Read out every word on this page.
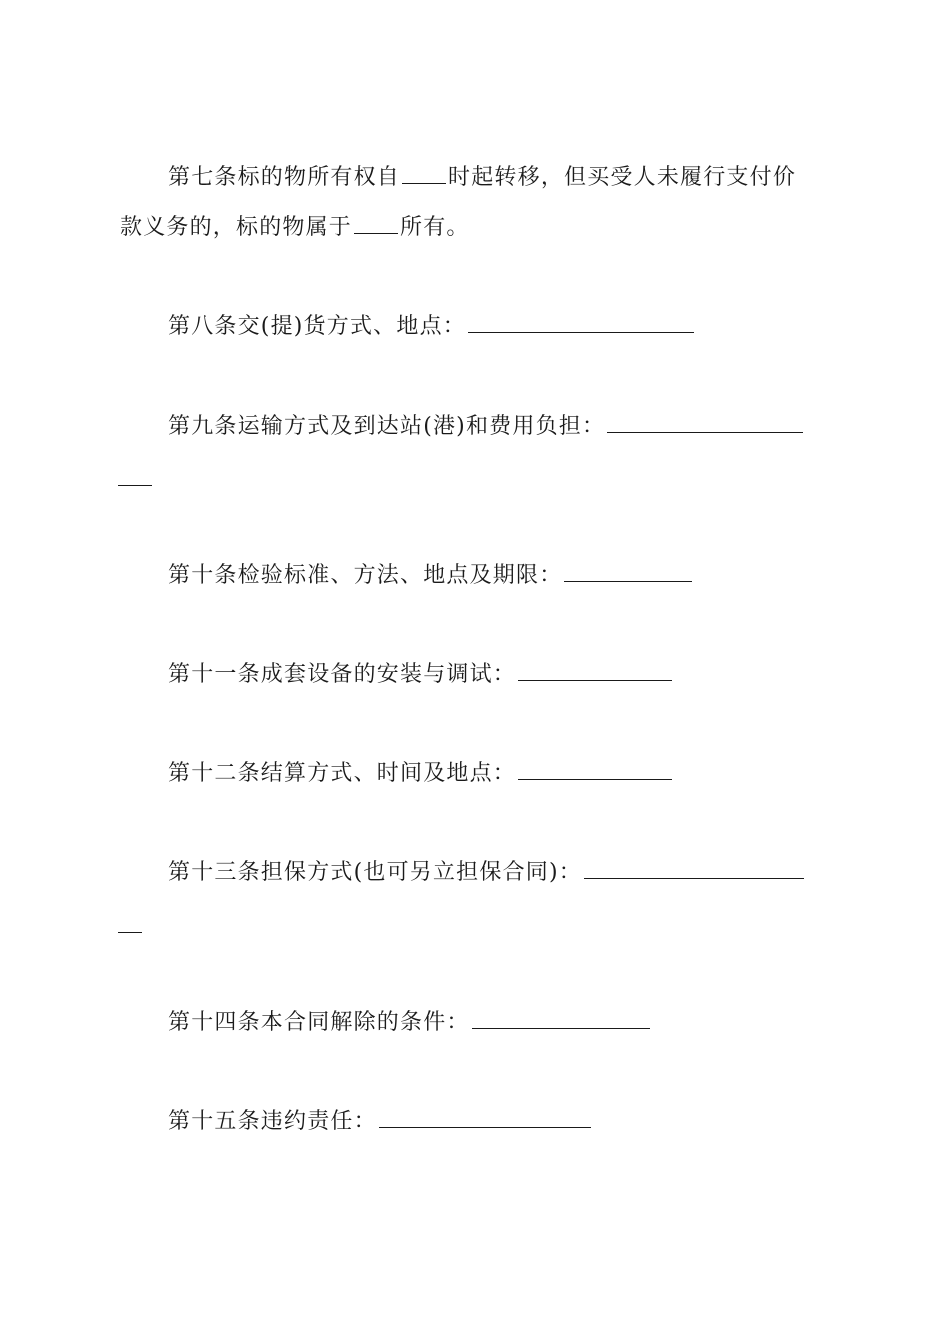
第七条标的物所有权自 时起转移，但买受人未履行支付价
款义务的，标的物属于 所有。
第八条交(提)货方式、地点：
第九条运输方式及到达站(港)和费用负担：
第十条检验标准、方法、地点及期限：
第十一条成套设备的安装与调试：
第十二条结算方式、时间及地点：
第十三条担保方式(也可另立担保合同)：
第十四条本合同解除的条件：
第十五条违约责任：
